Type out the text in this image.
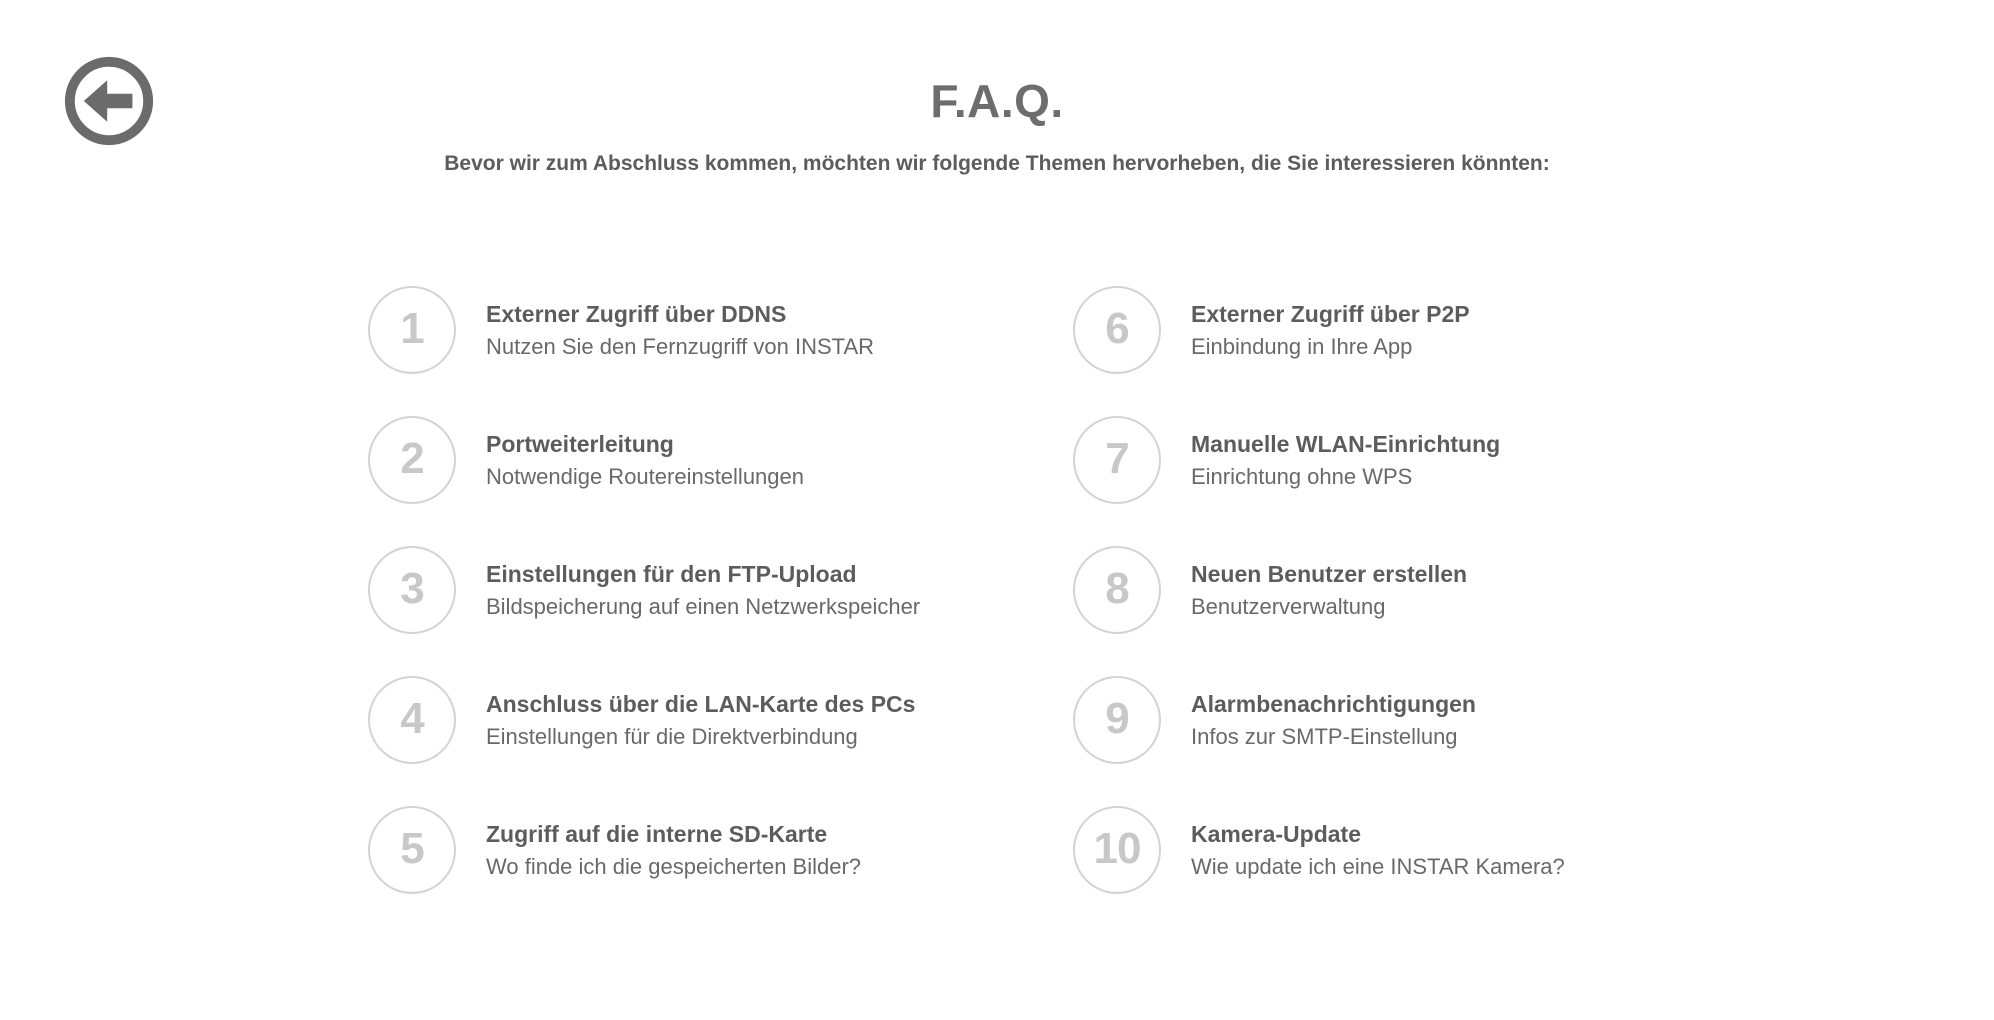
F.A.Q.
Bevor wir zum Abschluss kommen, möchten wir folgende Themen hervorheben, die Sie interessieren könnten:
1	Externer Zugriff über DDNS
Nutzen Sie den Fernzugriff von INSTAR
2	Portweiterleitung
Notwendige Routereinstellungen
3	Einstellungen für den FTP-Upload
Bildspeicherung auf einen Netzwerkspeicher
4	Anschluss über die LAN-Karte des PCs
Einstellungen für die Direktverbindung
5	Zugriff auf die interne SD-Karte
Wo finde ich die gespeicherten Bilder?
6	Externer Zugriff über P2P
Einbindung in Ihre App
7	Manuelle WLAN-Einrichtung
Einrichtung ohne WPS
8	Neuen Benutzer erstellen
Benutzerverwaltung
9	Alarmbenachrichtigungen
Infos zur SMTP-Einstellung
10 Kamera-Update
Wie update ich eine INSTAR Kamera?
